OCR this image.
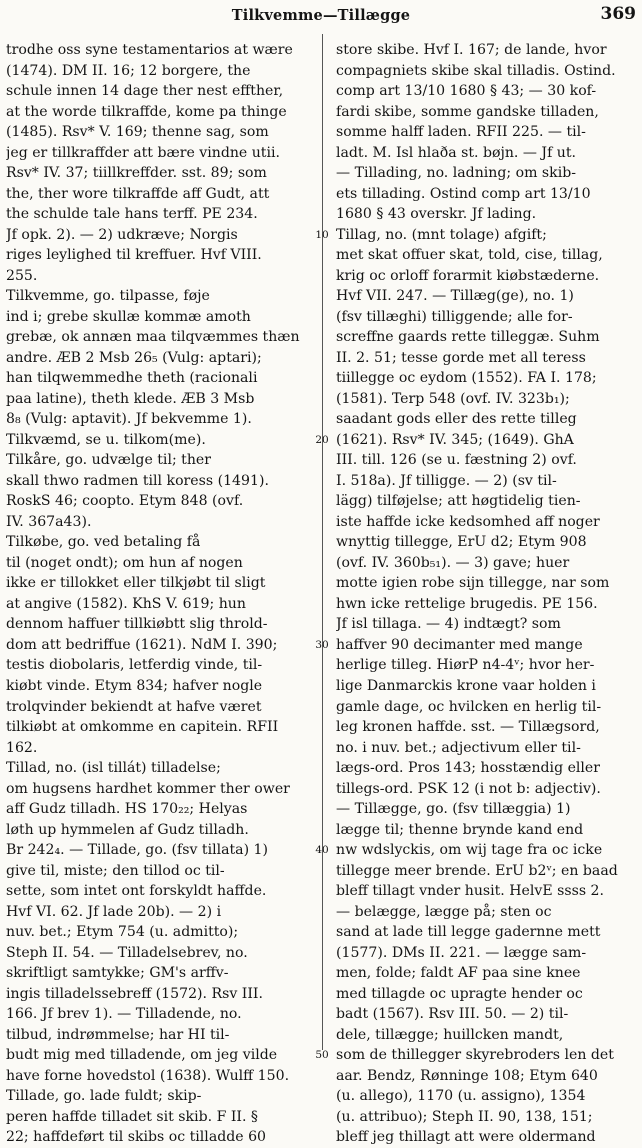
Tilkvemme—Tillægge	369
trodhe oss syne testamentarios at wære
(1474). DM II. 16; 12 borgere, the
schule innen 14 dage ther nest effther,
at the worde tilkraffde, kome pa thinge
(1485). Rsv* V. 169; thenne sag, som
jeg er tillkraffder att bære vindne utii.
Rsv* IV. 37; tiillkreffder. sst. 89; som
the, ther wore tilkraffde aff Gudt, att
the schulde tale hans terff. PE 234.
Jf opk. 2). — 2) udkræve; Norgis
riges leylighed til kreffuer. Hvf VIII.
255.
Tilkvemme, go. tilpasse, føje
ind i; grebe skullæ kommæ amoth
grebæ, ok annæn maa tilqvæmmes thæn
andre. ÆB 2 Msb 26₅ (Vulg: aptari);
han tilqwemmedhe theth (racionali
paa latine), theth klede. ÆB 3 Msb
8₈ (Vulg: aptavit). Jf bekvemme 1).
Tilkvæmd, se u. tilkom(me).
Tilkåre, go. udvælge til; ther
skall thwo radmen till koress (1491).
RoskS 46; coopto. Etym 848 (ovf.
IV. 367a43).
Tilkøbe, go. ved betaling få
til (noget ondt); om hun af nogen
ikke er tillokket eller tilkjøbt til sligt
at angive (1582). KhS V. 619; hun
dennom haffuer tillkiøbtt slig throld-
dom att bedriffue (1621). NdM I. 390;
testis diobolaris, letferdig vinde, til-
kiøbt vinde. Etym 834; hafver nogle
trolqvinder bekiendt at hafve været
tilkiøbt at omkomme en capitein. RFII
162.
Tillad, no. (isl tillát) tilladelse;
om hugsens hardhet kommer ther ower
aff Gudz tilladh. HS 170₂₂; Helyas
løth up hymmelen af Gudz tilladh.
Br 242₄. — Tillade, go. (fsv tillata) 1)
give til, miste; den tillod oc til-
sette, som intet ont forskyldt haffde.
Hvf VI. 62. Jf lade 20b). — 2) i
nuv. bet.; Etym 754 (u. admitto);
Steph II. 54. — Tilladelsebrev, no.
skriftligt samtykke; GM's arffv-
ingis tilladelssebreff (1572). Rsv III.
166. Jf brev 1). — Tilladende, no.
tilbud, indrømmelse; har HI til-
budt mig med tilladende, om jeg vilde
have forne hovedstol (1638). Wulff 150.
Tillade, go. lade fuldt; skip-
peren haffde tilladet sit skib. F II. §
22; haffdeført til skibs oc tilladde 60
store skibe. Hvf I. 167; de lande, hvor
compagniets skibe skal tilladis. Ostind.
comp art 13/10 1680 § 43; — 30 kof-
fardi skibe, somme gandske tilladen,
somme halff laden. RFII 225. — til-
ladt. M. Isl hlaða st. bøjn. — Jf ut.
— Tillading, no. ladning; om skib-
ets tillading. Ostind comp art 13/10
1680 § 43 overskr. Jf lading.
Tillag, no. (mnt tolage) afgift;
met skat offuer skat, told, cise, tillag,
krig oc orloff forarmit kiøbstæderne.
Hvf VII. 247. — Tillæg(ge), no. 1)
(fsv tillæghi) tilliggende; alle for-
screffne gaards rette tilleggæ. Suhm
II. 2. 51; tesse gorde met all teress
tiillegge oc eydom (1552). FA I. 178;
(1581). Terp 548 (ovf. IV. 323b₁);
saadant gods eller des rette tilleg
(1621). Rsv* IV. 345; (1649). GhA
III. till. 126 (se u. fæstning 2) ovf.
I. 518a). Jf tilligge. — 2) (sv til-
lägg) tilføjelse; att høgtidelig tien-
iste haffde icke kedsomhed aff noger
wnyttig tillegge, ErU d2; Etym 908
(ovf. IV. 360b₅₁). — 3) gave; huer
motte igien robe sijn tillegge, nar som
hwn icke rettelige brugedis. PE 156.
Jf isl tillaga. — 4) indtægt? som
haffver 90 decimanter med mange
herlige tilleg. HiørP n4-4ᵛ; hvor her-
lige Danmarckis krone vaar holden i
gamle dage, oc hvilcken en herlig til-
leg kronen haffde. sst. — Tillægsord,
no. i nuv. bet.; adjectivum eller til-
lægs-ord. Pros 143; hosstændig eller
tillegs-ord. PSK 12 (i not b: adjectiv).
— Tillægge, go. (fsv tillæggia) 1)
lægge til; thenne brynde kand end
nw wdslyckis, om wij tage fra oc icke
tillegge meer brende. ErU b2ᵛ; en baad
bleff tillagt vnder husit. HelvE ssss 2.
— belægge, lægge på; sten oc
sand at lade till legge gadernne mett
(1577). DMs II. 221. — lægge sam-
men, folde; faldt AF paa sine knee
med tillagde oc upragte hender oc
badt (1567). Rsv III. 50. — 2) til-
dele, tillægge; huillcken mandt,
som de thillegger skyrebroders len det
aar. Bendz, Rønninge 108; Etym 640
(u. allego), 1170 (u. assigno), 1354
(u. attribuo); Steph II. 90, 138, 151;
bleff jeg thillagt att were oldermand
10
20
30
40
50
